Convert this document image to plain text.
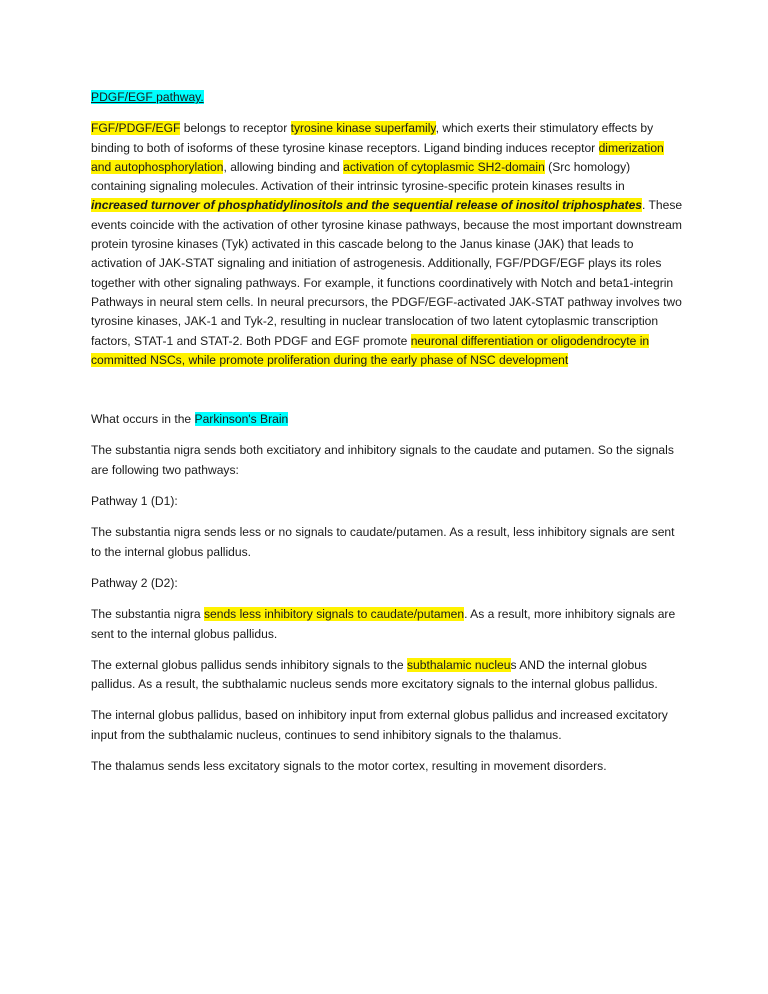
PDGF/EGF pathway.

FGF/PDGF/EGF belongs to receptor tyrosine kinase superfamily, which exerts their stimulatory effects by binding to both of isoforms of these tyrosine kinase receptors. Ligand binding induces receptor dimerization and autophosphorylation, allowing binding and activation of cytoplasmic SH2-domain (Src homology) containing signaling molecules. Activation of their intrinsic tyrosine-specific protein kinases results in increased turnover of phosphatidylinositols and the sequential release of inositol triphosphates. These events coincide with the activation of other tyrosine kinase pathways, because the most important downstream protein tyrosine kinases (Tyk) activated in this cascade belong to the Janus kinase (JAK) that leads to activation of JAK-STAT signaling and initiation of astrogenesis. Additionally, FGF/PDGF/EGF plays its roles together with other signaling pathways. For example, it functions coordinatively with Notch and beta1-integrin Pathways in neural stem cells. In neural precursors, the PDGF/EGF-activated JAK-STAT pathway involves two tyrosine kinases, JAK-1 and Tyk-2, resulting in nuclear translocation of two latent cytoplasmic transcription factors, STAT-1 and STAT-2. Both PDGF and EGF promote neuronal differentiation or oligodendrocyte in committed NSCs, while promote proliferation during the early phase of NSC development

What occurs in the Parkinson's Brain

The substantia nigra sends both excitiatory and inhibitory signals to the caudate and putamen. So the signals are following two pathways:

Pathway 1 (D1):

The substantia nigra sends less or no signals to caudate/putamen. As a result, less inhibitory signals are sent to the internal globus pallidus.

Pathway 2 (D2):

The substantia nigra sends less inhibitory signals to caudate/putamen. As a result, more inhibitory signals are sent to the internal globus pallidus.

The external globus pallidus sends inhibitory signals to the subthalamic nucleus AND the internal globus pallidus. As a result, the subthalamic nucleus sends more excitatory signals to the internal globus pallidus.

The internal globus pallidus, based on inhibitory input from external globus pallidus and increased excitatory input from the subthalamic nucleus, continues to send inhibitory signals to the thalamus.

The thalamus sends less excitatory signals to the motor cortex, resulting in movement disorders.
